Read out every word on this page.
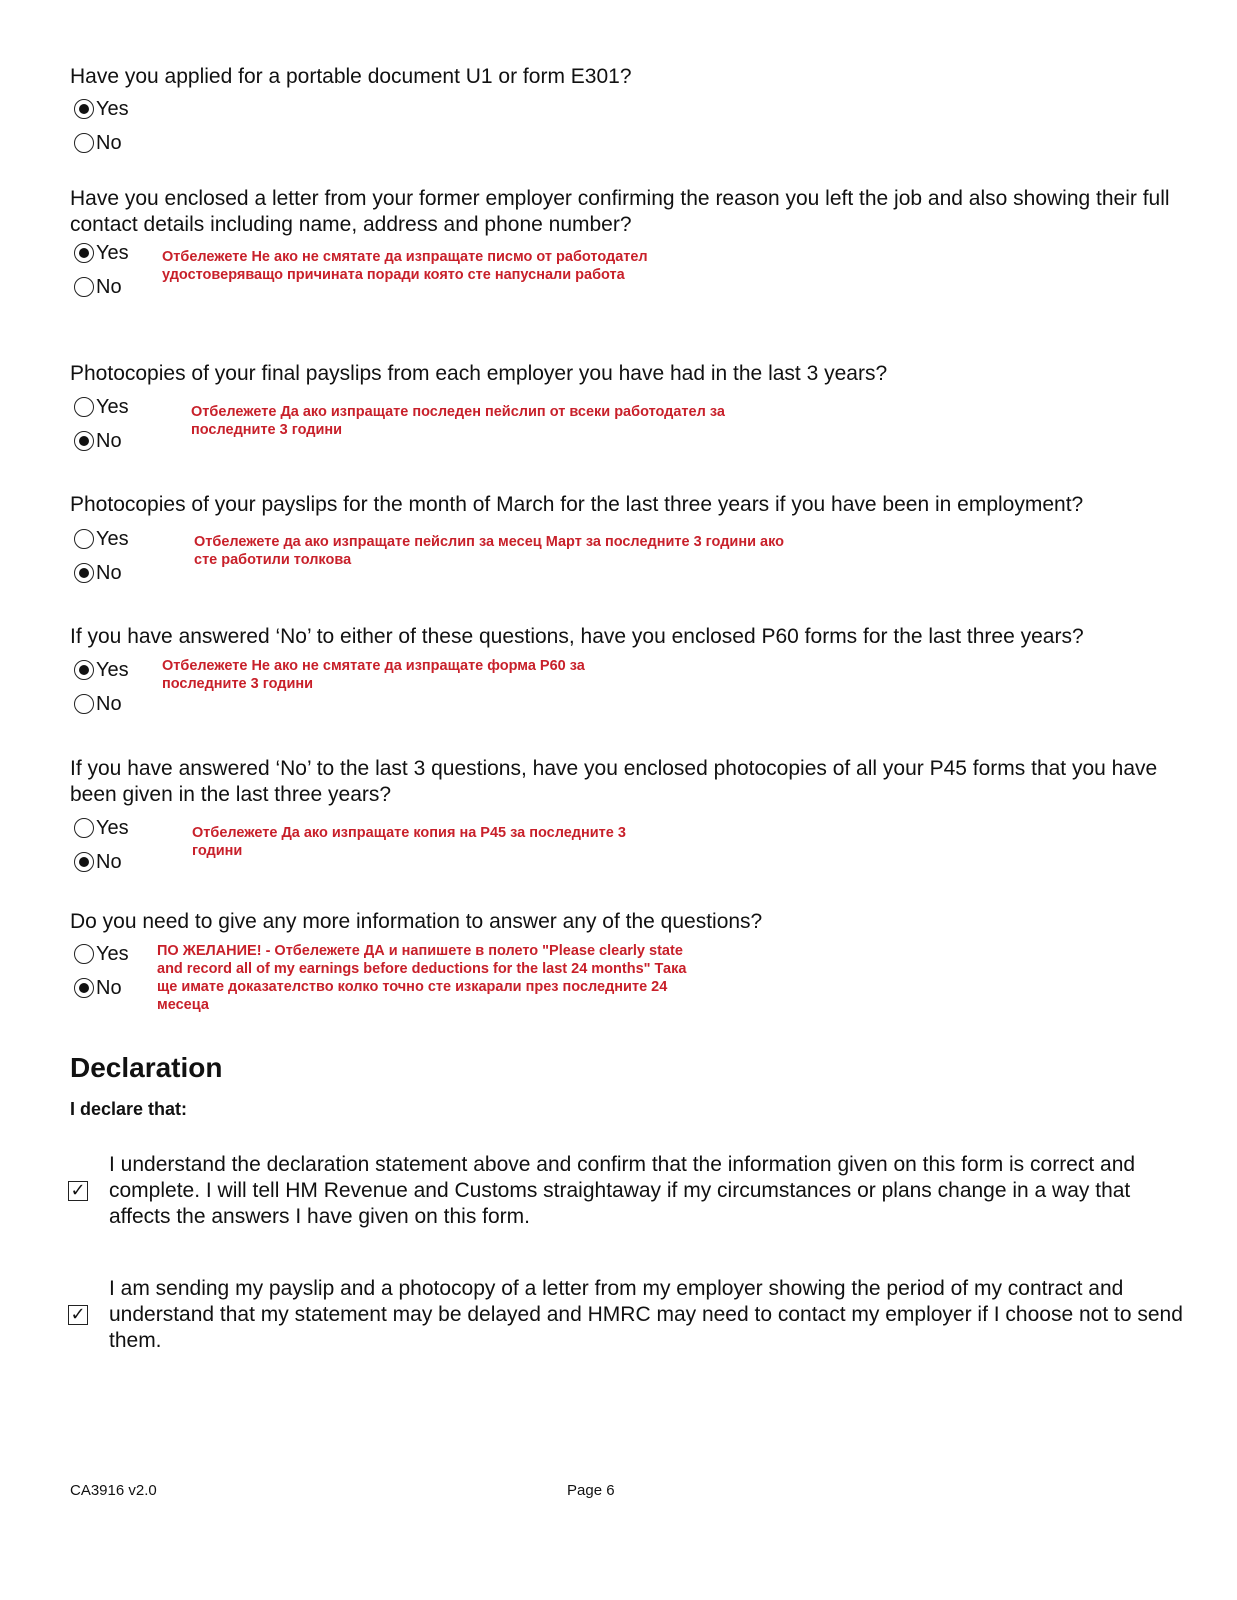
Have you applied for a portable document U1 or form E301?

Yes
No

Have you enclosed a letter from your former employer confirming the reason you left the job and also showing their full contact details including name, address and phone number?

Yes
No

Отбележете Не ако не смятате да изпращате писмо от работодател удостоверяващо причината поради която сте напуснали работа

Photocopies of your final payslips from each employer you have had in the last 3 years?

Yes
No

Отбележете Да ако изпращате последен пейслип от всеки работодател за последните 3 години

Photocopies of your payslips for the month of March for the last three years if you have been in employment?

Yes
No

Отбележете да ако изпращате пейслип за месец Март за последните 3 години ако сте работили толкова

If you have answered ‘No’ to either of these questions, have you enclosed P60 forms for the last three years?

Yes
No

Отбележете Не ако не смятате да изпращате форма P60 за последните 3 години

If you have answered ‘No’ to the last 3 questions, have you enclosed photocopies of all your P45 forms that you have been given in the last three years?

Yes
No

Отбележете Да ако изпращате копия на P45 за последните 3 години

Do you need to give any more information to answer any of the questions?

Yes
No

ПО ЖЕЛАНИЕ! - Отбележете ДА и напишете в полето "Please clearly state and record all of my earnings before deductions for the last 24 months" Така ще имате доказателство колко точно сте изкарали през последните 24 месеца

Declaration

I declare that:

✓

I understand the declaration statement above and confirm that the information given on this form is correct and complete. I will tell HM Revenue and Customs straightaway if my circumstances or plans change in a way that affects the answers I have given on this form.

✓

I am sending my payslip and a photocopy of a letter from my employer showing the period of my contract and understand that my statement may be delayed and HMRC may need to contact my employer if I choose not to send them.

CA3916 v2.0	Page 6
